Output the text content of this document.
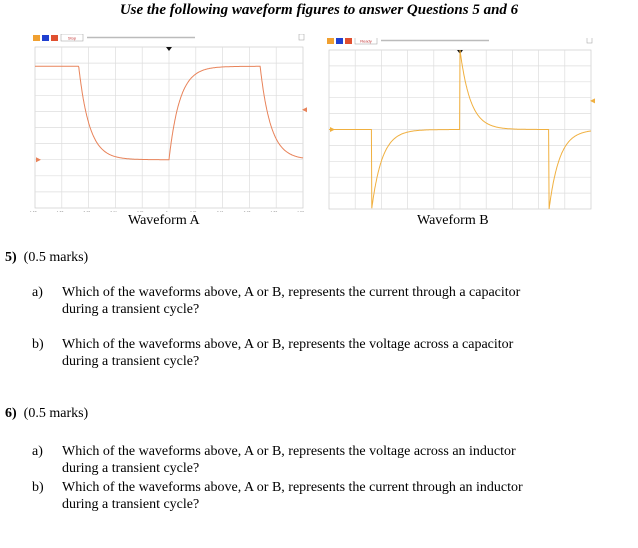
Use the following waveform figures to answer Questions 5 and 6
Stop
Waveform A
Ready
Waveform B
5) (0.5 marks)
a) Which of the waveforms above, A or B, represents the current through a capacitor
during a transient cycle?
b) Which of the waveforms above, A or B, represents the voltage across a capacitor
during a transient cycle?
6) (0.5 marks)
a) Which of the waveforms above, A or B, represents the voltage across an inductor
during a transient cycle?
b) Which of the waveforms above, A or B, represents the current through an inductor
during a transient cycle?
